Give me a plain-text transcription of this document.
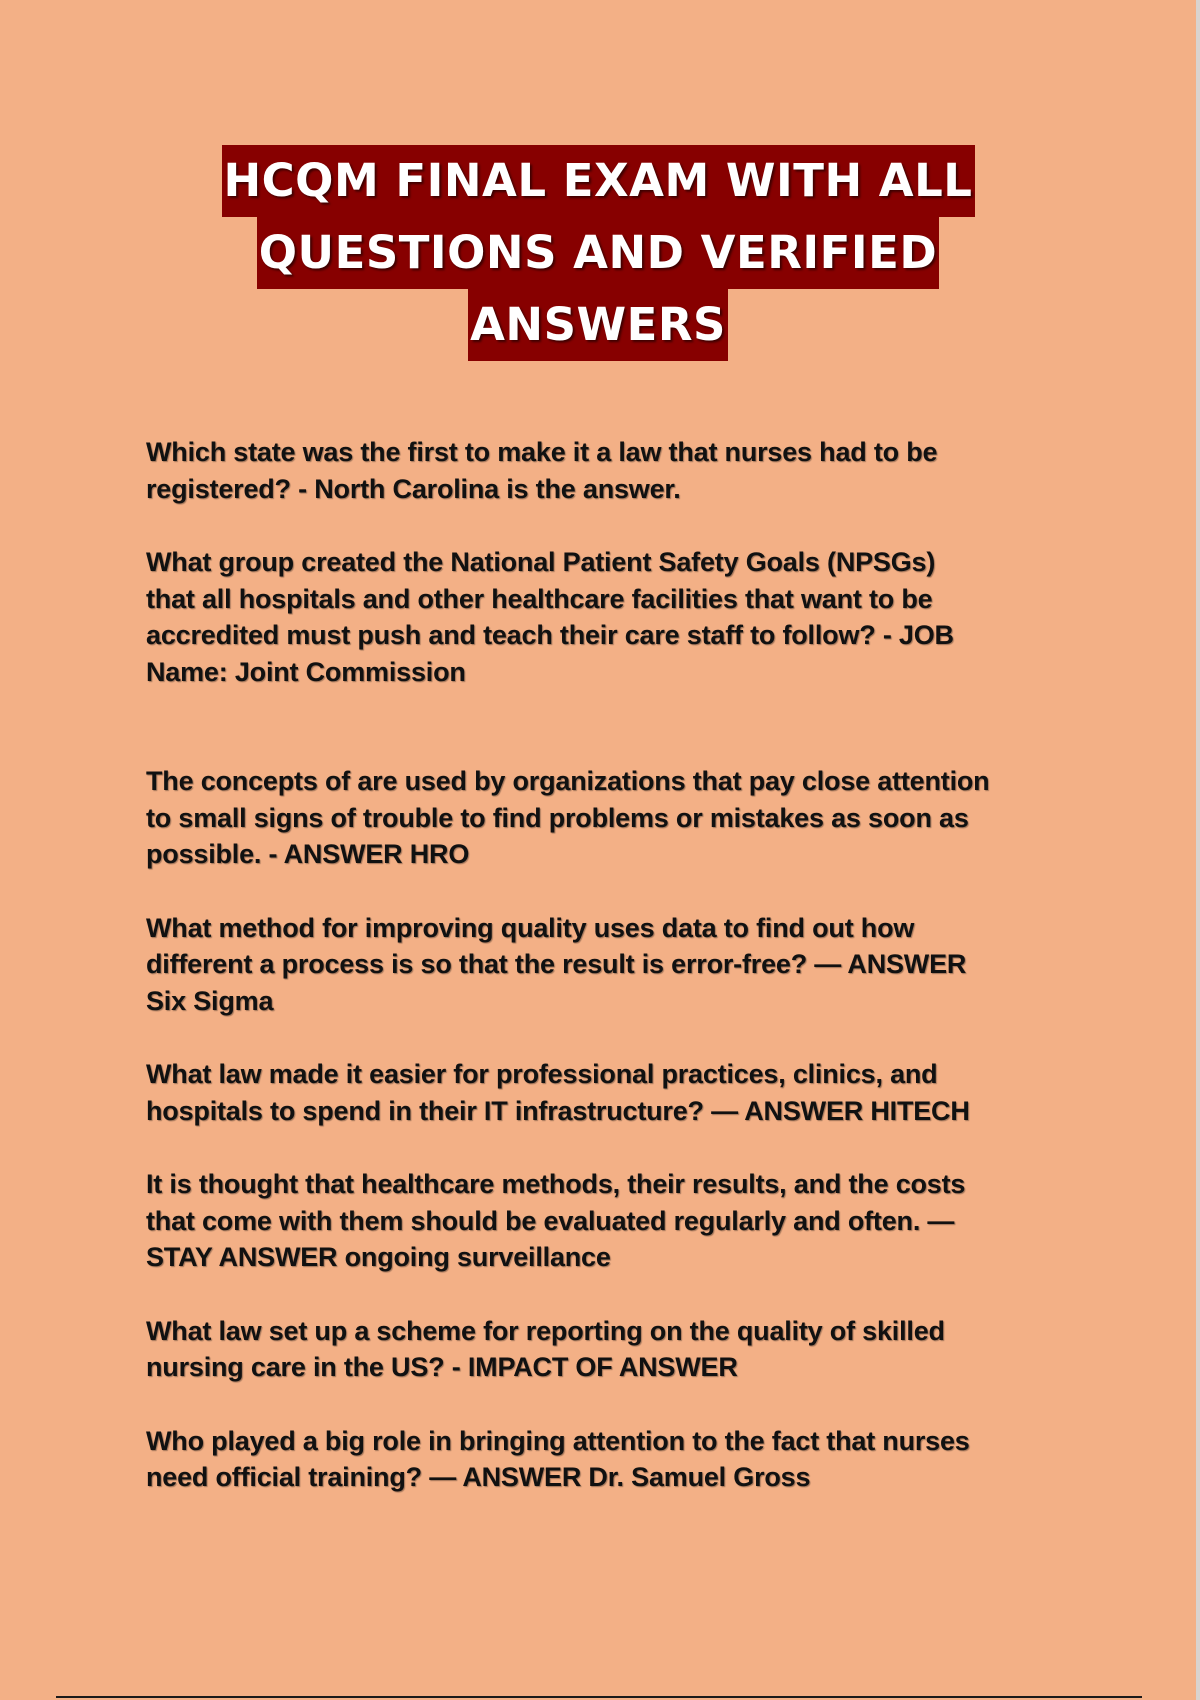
HCQM FINAL EXAM WITH ALL
QUESTIONS AND VERIFIED
ANSWERS

Which state was the first to make it a law that nurses had to be
registered? - North Carolina is the answer.

What group created the National Patient Safety Goals (NPSGs)
that all hospitals and other healthcare facilities that want to be
accredited must push and teach their care staff to follow? - JOB
Name: Joint Commission

The concepts of are used by organizations that pay close attention
to small signs of trouble to find problems or mistakes as soon as
possible. - ANSWER HRO

What method for improving quality uses data to find out how
different a process is so that the result is error-free? — ANSWER
Six Sigma

What law made it easier for professional practices, clinics, and
hospitals to spend in their IT infrastructure? — ANSWER HITECH

It is thought that healthcare methods, their results, and the costs
that come with them should be evaluated regularly and often. —
STAY ANSWER ongoing surveillance

What law set up a scheme for reporting on the quality of skilled
nursing care in the US? - IMPACT OF ANSWER

Who played a big role in bringing attention to the fact that nurses
need official training? — ANSWER Dr. Samuel Gross
